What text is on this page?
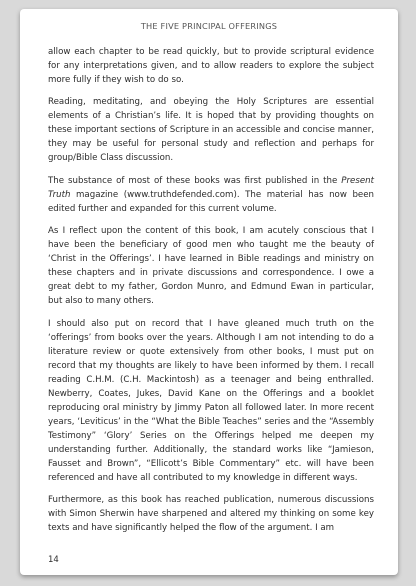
THE FIVE PRINCIPAL OFFERINGS

allow each chapter to be read quickly, but to provide scriptural evidence for any interpretations given, and to allow readers to explore the subject more fully if they wish to do so.

Reading, meditating, and obeying the Holy Scriptures are essential elements of a Christian’s life. It is hoped that by providing thoughts on these important sections of Scripture in an accessible and concise manner, they may be useful for personal study and reflection and perhaps for group/Bible Class discussion.

The substance of most of these books was first published in the Present Truth magazine (www.truthdefended.com). The material has now been edited further and expanded for this current volume.

As I reflect upon the content of this book, I am acutely conscious that I have been the beneficiary of good men who taught me the beauty of ‘Christ in the Offerings’. I have learned in Bible readings and ministry on these chapters and in private discussions and correspondence. I owe a great debt to my father, Gordon Munro, and Edmund Ewan in particular, but also to many others.

I should also put on record that I have gleaned much truth on the ‘offerings’ from books over the years. Although I am not intending to do a literature review or quote extensively from other books, I must put on record that my thoughts are likely to have been informed by them. I recall reading C.H.M. (C.H. Mackintosh) as a teenager and being enthralled. Newberry, Coates, Jukes, David Kane on the Offerings and a booklet reproducing oral ministry by Jimmy Paton all followed later. In more recent years, ‘Leviticus’ in the “What the Bible Teaches” series and the “Assembly Testimony” ‘Glory’ Series on the Offerings helped me deepen my understanding further. Additionally, the standard works like “Jamieson, Fausset and Brown”, “Ellicott’s Bible Commentary” etc. will have been referenced and have all contributed to my knowledge in different ways.

Furthermore, as this book has reached publication, numerous discussions with Simon Sherwin have sharpened and altered my thinking on some key texts and have significantly helped the flow of the argument. I am

14
